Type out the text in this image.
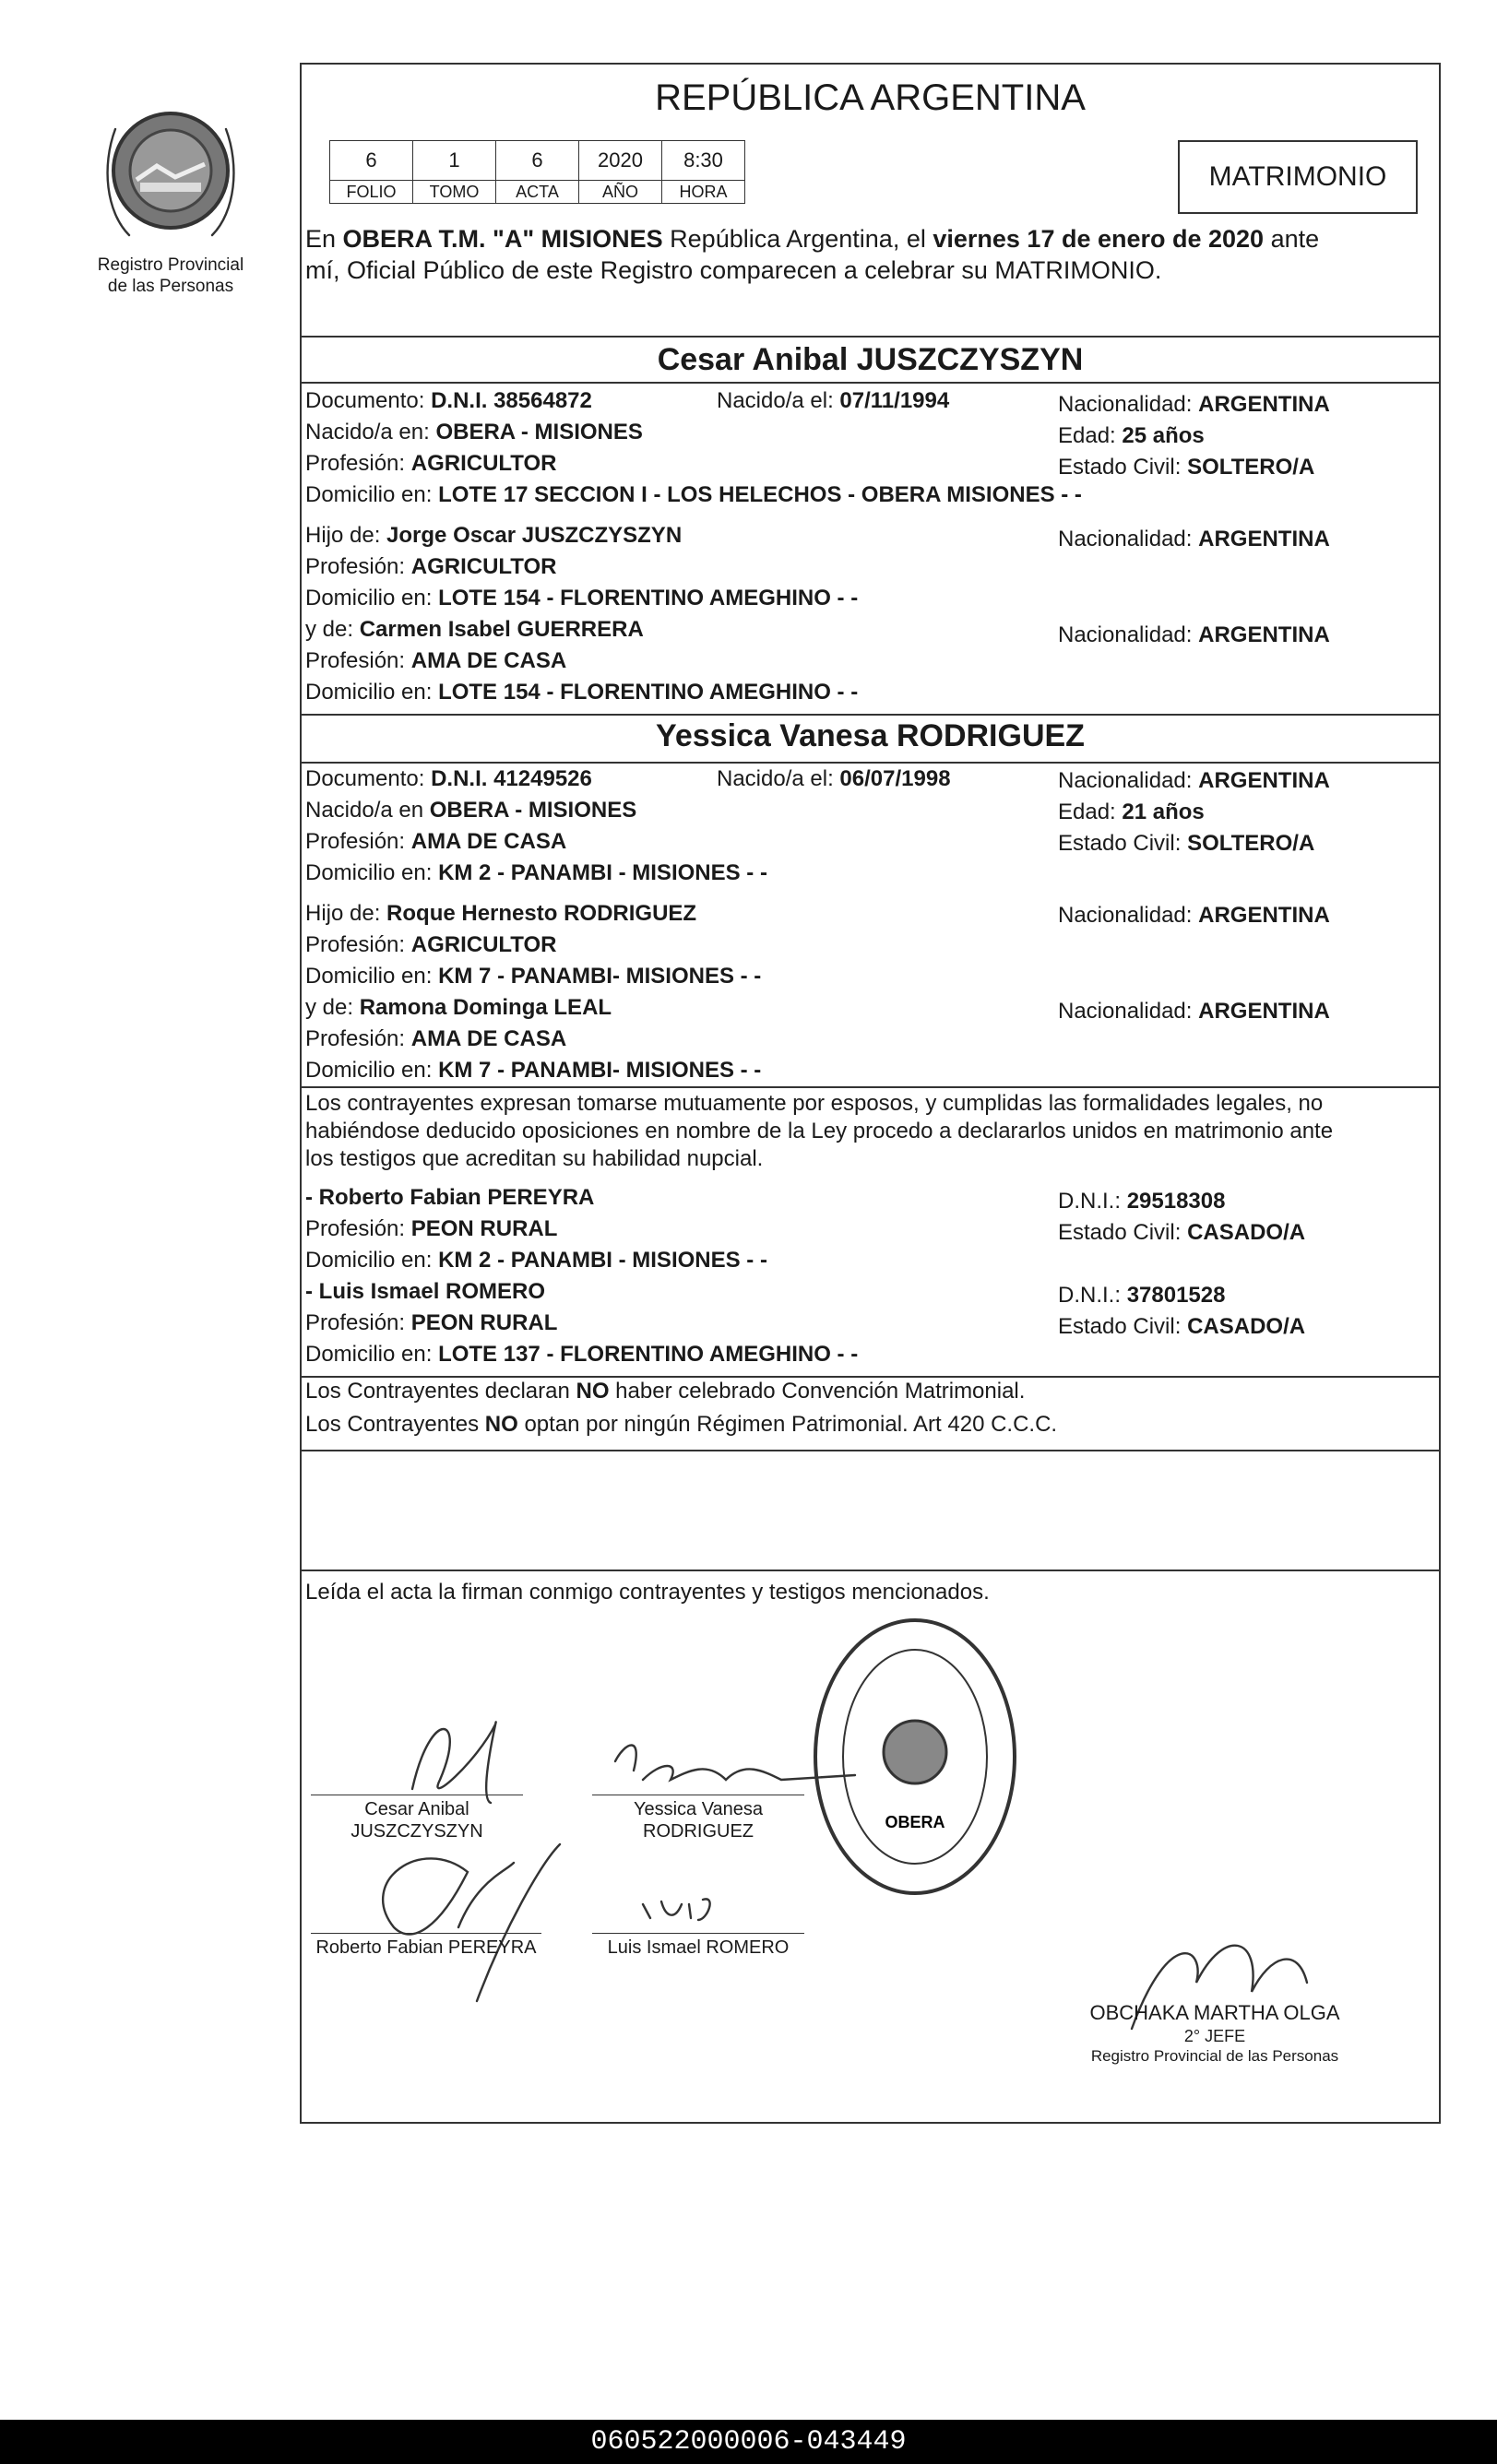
Registro Provincial
de las Personas
REPÚBLICA ARGENTINA
6	1	6	2020	8:30
FOLIO	TOMO	ACTA	AÑO	HORA	MATRIMONIO
En OBERA T.M. "A" MISIONES República Argentina, el viernes 17 de enero de 2020 ante
mí, Oficial Público de este Registro comparecen a celebrar su MATRIMONIO.
Cesar Anibal JUSZCZYSZYN
Documento: D.N.I. 38564872	Nacido/a el: 07/11/1994	Nacionalidad: ARGENTINA
Nacido/a en: OBERA - MISIONES	Edad: 25 años
Profesión: AGRICULTOR	Estado Civil: SOLTERO/A
Domicilio en: LOTE 17 SECCION I - LOS HELECHOS - OBERA MISIONES - -
Hijo de: Jorge Oscar JUSZCZYSZYN	Nacionalidad: ARGENTINA
Profesión: AGRICULTOR
Domicilio en: LOTE 154 - FLORENTINO AMEGHINO - -
y de: Carmen Isabel GUERRERA	Nacionalidad: ARGENTINA
Profesión: AMA DE CASA
Domicilio en: LOTE 154 - FLORENTINO AMEGHINO - -
Yessica Vanesa RODRIGUEZ
Documento: D.N.I. 41249526	Nacido/a el: 06/07/1998	Nacionalidad: ARGENTINA
Nacido/a en OBERA - MISIONES	Edad: 21 años
Profesión: AMA DE CASA	Estado Civil: SOLTERO/A
Domicilio en: KM 2 - PANAMBI - MISIONES - -
Hijo de: Roque Hernesto RODRIGUEZ	Nacionalidad: ARGENTINA
Profesión: AGRICULTOR
Domicilio en: KM 7 - PANAMBI- MISIONES - -
y de: Ramona Dominga LEAL	Nacionalidad: ARGENTINA
Profesión: AMA DE CASA
Domicilio en: KM 7 - PANAMBI- MISIONES - -
Los contrayentes expresan tomarse mutuamente por esposos, y cumplidas las formalidades legales, no
habiéndose deducido oposiciones en nombre de la Ley procedo a declararlos unidos en matrimonio ante
los testigos que acreditan su habilidad nupcial.
- Roberto Fabian PEREYRA	D.N.I.: 29518308
Profesión: PEON RURAL	Estado Civil: CASADO/A
Domicilio en: KM 2 - PANAMBI - MISIONES - -
- Luis Ismael ROMERO	D.N.I.: 37801528
Profesión: PEON RURAL	Estado Civil: CASADO/A
Domicilio en: LOTE 137 - FLORENTINO AMEGHINO - -
Los Contrayentes declaran NO haber celebrado Convención Matrimonial.
Los Contrayentes NO optan por ningún Régimen Patrimonial. Art 420 C.C.C.
Leída el acta la firman conmigo contrayentes y testigos mencionados.
Cesar Anibal
JUSZCZYSZYN
Yessica Vanesa
RODRIGUEZ
Roberto Fabian PEREYRA	Luis Ismael ROMERO
OBERA
OBCHAKA MARTHA OLGA
2° JEFE
Registro Provincial de las Personas
060522000006-043449
